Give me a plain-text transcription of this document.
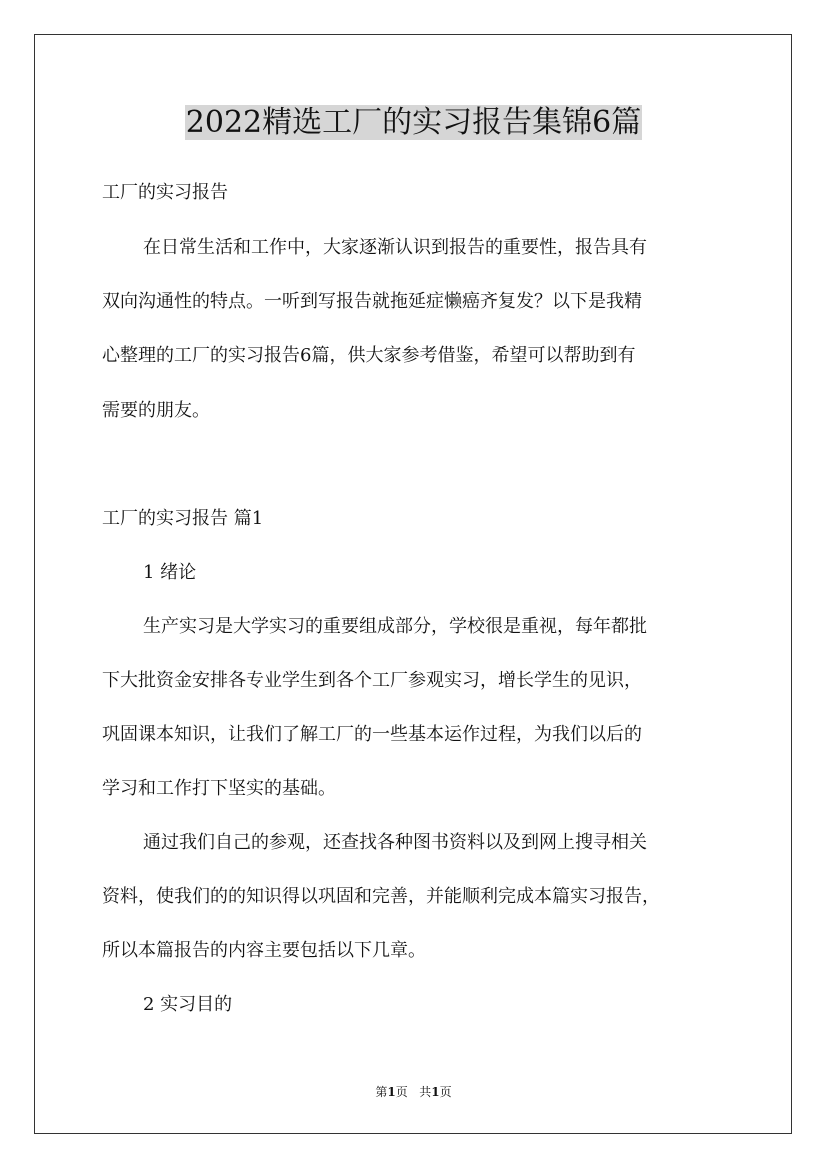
2022精选工厂的实习报告集锦6篇

工厂的实习报告

在日常生活和工作中，大家逐渐认识到报告的重要性，报告具有

双向沟通性的特点。一听到写报告就拖延症懒癌齐复发？以下是我精

心整理的工厂的实习报告6篇，供大家参考借鉴，希望可以帮助到有

需要的朋友。

工厂的实习报告 篇1

1 绪论

生产实习是大学实习的重要组成部分，学校很是重视，每年都批

下大批资金安排各专业学生到各个工厂参观实习，增长学生的见识，

巩固课本知识，让我们了解工厂的一些基本运作过程，为我们以后的

学习和工作打下坚实的基础。

通过我们自己的参观，还查找各种图书资料以及到网上搜寻相关

资料，使我们的的知识得以巩固和完善，并能顺利完成本篇实习报告，

所以本篇报告的内容主要包括以下几章。

2 实习目的

第1页 共1页
